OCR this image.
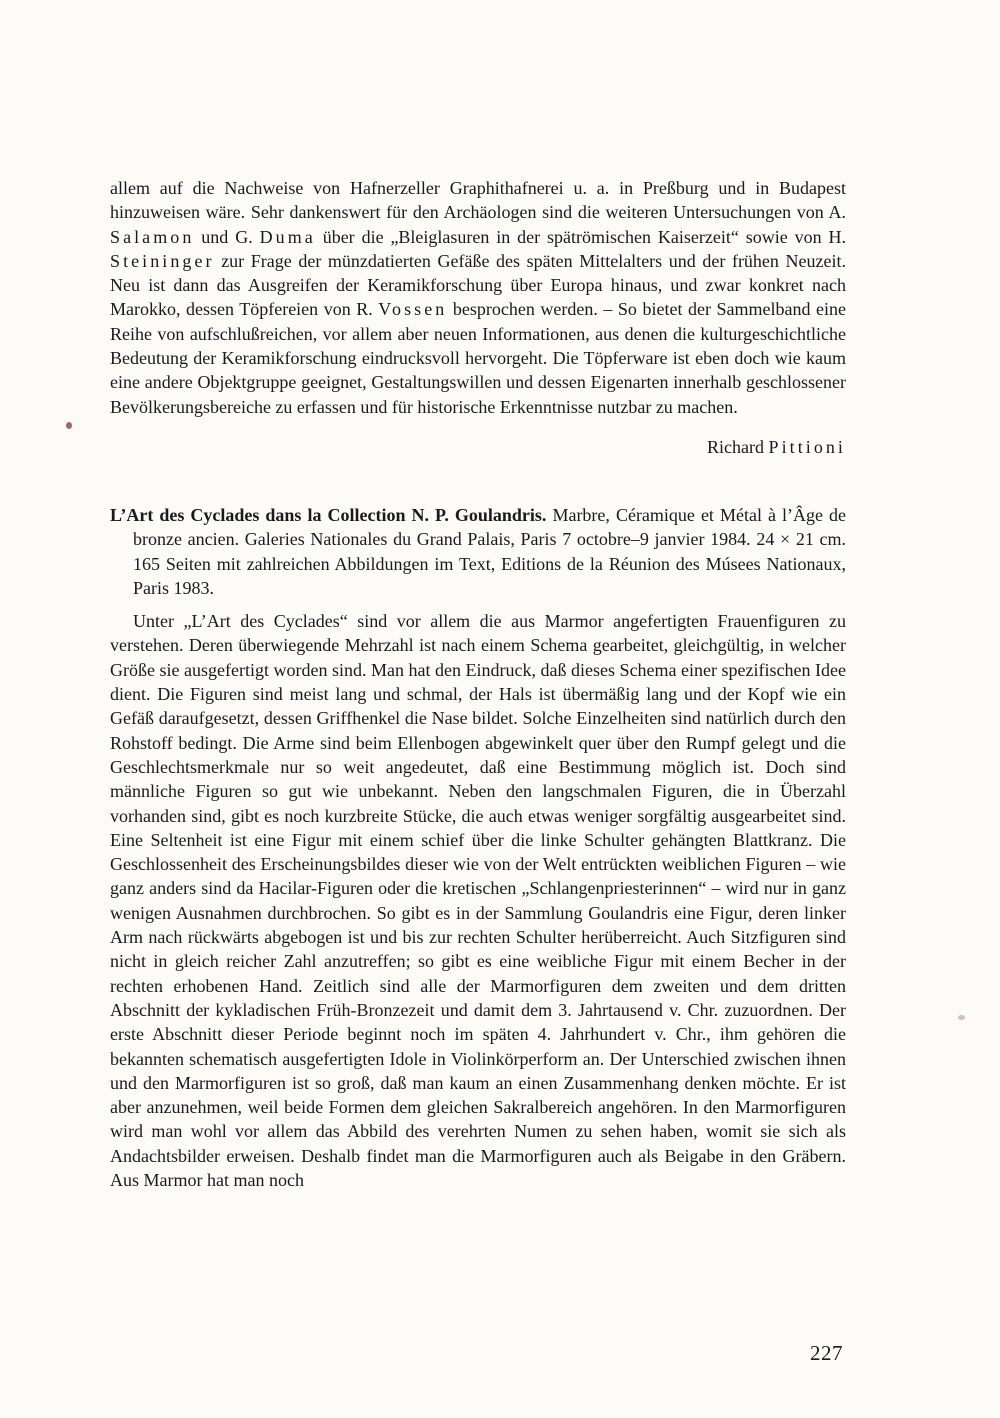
allem auf die Nachweise von Hafnerzeller Graphithafnerei u. a. in Preßburg und in Budapest hinzuweisen wäre. Sehr dankenswert für den Archäologen sind die weiteren Untersuchungen von A. Salamon und G. Duma über die „Bleiglasuren in der spätrömischen Kaiserzeit“ sowie von H. Steininger zur Frage der münzdatierten Gefäße des späten Mittelalters und der frühen Neuzeit. Neu ist dann das Ausgreifen der Keramikforschung über Europa hinaus, und zwar konkret nach Marokko, dessen Töpfereien von R. Vossen besprochen werden. – So bietet der Sammelband eine Reihe von aufschlußreichen, vor allem aber neuen Informationen, aus denen die kulturgeschichtliche Bedeutung der Keramikforschung eindrucksvoll hervorgeht. Die Töpferware ist eben doch wie kaum eine andere Objektgruppe geeignet, Gestaltungswillen und dessen Eigenarten innerhalb geschlossener Bevölkerungsbereiche zu erfassen und für historische Erkenntnisse nutzbar zu machen.

Richard Pittioni

L’Art des Cyclades dans la Collection N. P. Goulandris. Marbre, Céramique et Métal à l’Âge de bronze ancien. Galeries Nationales du Grand Palais, Paris 7 octobre–9 janvier 1984. 24 × 21 cm. 165 Seiten mit zahlreichen Abbildungen im Text, Editions de la Réunion des Músees Nationaux, Paris 1983.

Unter „L’Art des Cyclades“ sind vor allem die aus Marmor angefertigten Frauenfiguren zu verstehen. Deren überwiegende Mehrzahl ist nach einem Schema gearbeitet, gleichgültig, in welcher Größe sie ausgefertigt worden sind. Man hat den Eindruck, daß dieses Schema einer spezifischen Idee dient. Die Figuren sind meist lang und schmal, der Hals ist übermäßig lang und der Kopf wie ein Gefäß daraufgesetzt, dessen Griffhenkel die Nase bildet. Solche Einzelheiten sind natürlich durch den Rohstoff bedingt. Die Arme sind beim Ellenbogen abgewinkelt quer über den Rumpf gelegt und die Geschlechtsmerkmale nur so weit angedeutet, daß eine Bestimmung möglich ist. Doch sind männliche Figuren so gut wie unbekannt. Neben den langschmalen Figuren, die in Überzahl vorhanden sind, gibt es noch kurzbreite Stücke, die auch etwas weniger sorgfältig ausgearbeitet sind. Eine Seltenheit ist eine Figur mit einem schief über die linke Schulter gehängten Blattkranz. Die Geschlossenheit des Erscheinungsbildes dieser wie von der Welt entrückten weiblichen Figuren – wie ganz anders sind da Hacilar-Figuren oder die kretischen „Schlangenpriesterinnen“ – wird nur in ganz wenigen Ausnahmen durchbrochen. So gibt es in der Sammlung Goulandris eine Figur, deren linker Arm nach rückwärts abgebogen ist und bis zur rechten Schulter herüberreicht. Auch Sitzfiguren sind nicht in gleich reicher Zahl anzutreffen; so gibt es eine weibliche Figur mit einem Becher in der rechten erhobenen Hand. Zeitlich sind alle der Marmorfiguren dem zweiten und dem dritten Abschnitt der kykladischen Früh-Bronzezeit und damit dem 3. Jahrtausend v. Chr. zuzuordnen. Der erste Abschnitt dieser Periode beginnt noch im späten 4. Jahrhundert v. Chr., ihm gehören die bekannten schematisch ausgefertigten Idole in Violinkörperform an. Der Unterschied zwischen ihnen und den Marmorfiguren ist so groß, daß man kaum an einen Zusammenhang denken möchte. Er ist aber anzunehmen, weil beide Formen dem gleichen Sakralbereich angehören. In den Marmorfiguren wird man wohl vor allem das Abbild des verehrten Numen zu sehen haben, womit sie sich als Andachtsbilder erweisen. Deshalb findet man die Marmorfiguren auch als Beigabe in den Gräbern. Aus Marmor hat man noch

227
